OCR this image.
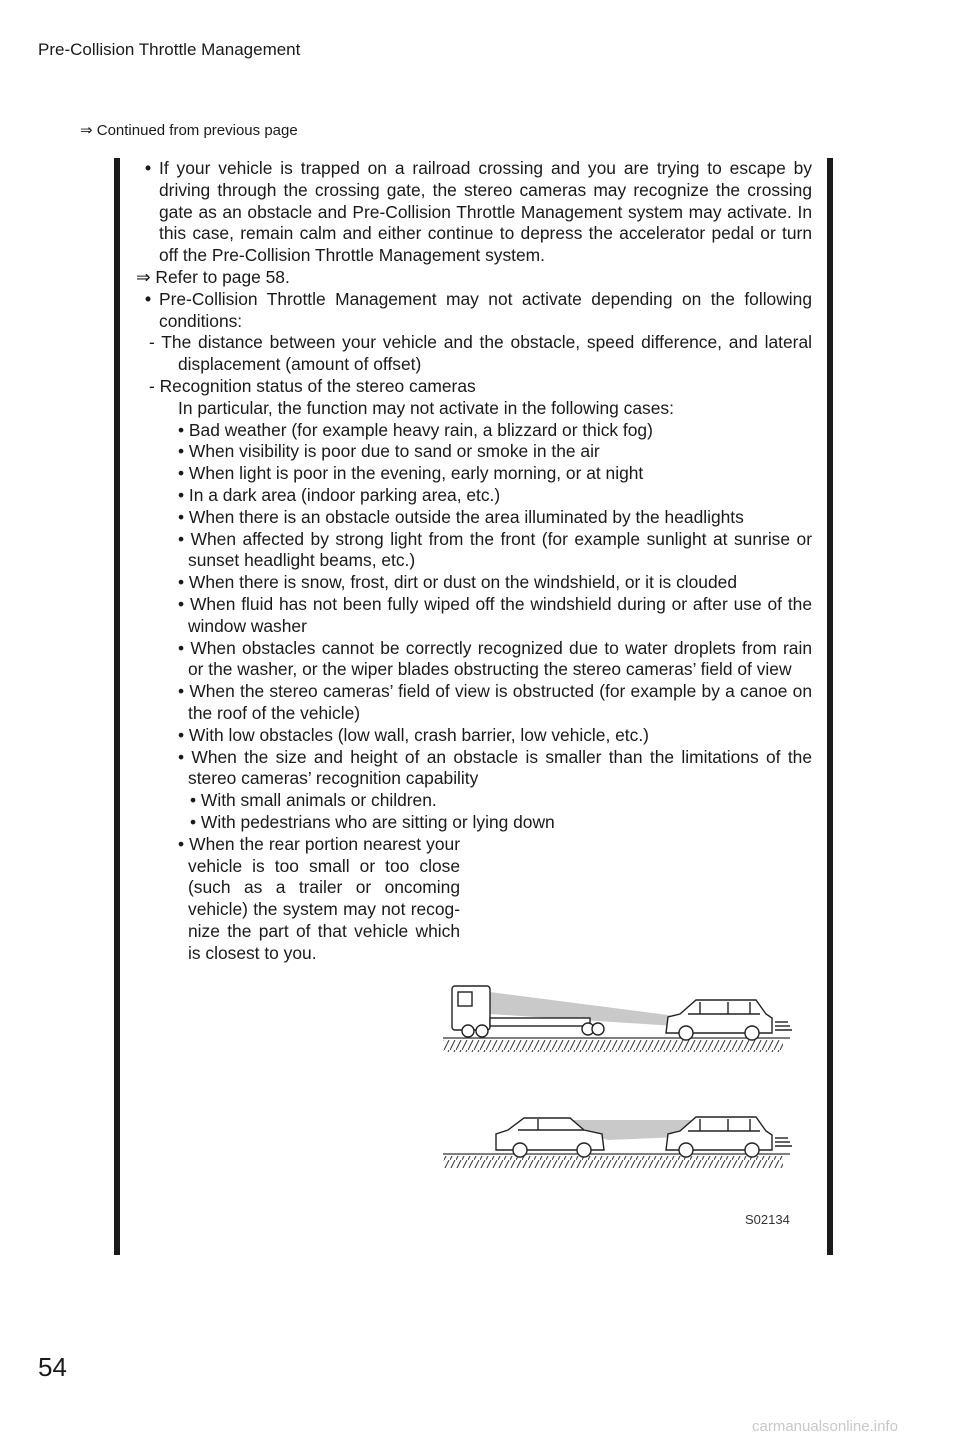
Pre-Collision Throttle Management
⇒ Continued from previous page

• If your vehicle is trapped on a railroad crossing and you are trying to escape by driving through the crossing gate, the stereo cameras may recognize the crossing gate as an obstacle and Pre-Collision Throttle Management system may activate. In this case, remain calm and either continue to depress the accelerator pedal or turn off the Pre-Collision Throttle Management system.

⇒ Refer to page 58.

• Pre-Collision Throttle Management may not activate depending on the following conditions:

- The distance between your vehicle and the obstacle, speed difference, and lateral displacement (amount of offset)

- Recognition status of the stereo cameras

In particular, the function may not activate in the following cases:

• Bad weather (for example heavy rain, a blizzard or thick fog)

• When visibility is poor due to sand or smoke in the air

• When light is poor in the evening, early morning, or at night

• In a dark area (indoor parking area, etc.)

• When there is an obstacle outside the area illuminated by the headlights

• When affected by strong light from the front (for example sunlight at sunrise or sunset headlight beams, etc.)

• When there is snow, frost, dirt or dust on the windshield, or it is clouded

• When fluid has not been fully wiped off the windshield during or after use of the window washer

• When obstacles cannot be correctly recognized due to water droplets from rain or the washer, or the wiper blades obstructing the stereo cameras’ field of view

• When the stereo cameras’ field of view is obstructed (for example by a canoe on the roof of the vehicle)

• With low obstacles (low wall, crash barrier, low vehicle, etc.)

• When the size and height of an obstacle is smaller than the limitations of the stereo cameras’ recognition capability

• With small animals or children.

• With pedestrians who are sitting or lying down

• When the rear portion nearest your vehicle is too small or too close (such as a trailer or oncoming vehicle) the system may not recognize the part of that vehicle which is closest to you.

S02134
54
carmanualsonline.info
